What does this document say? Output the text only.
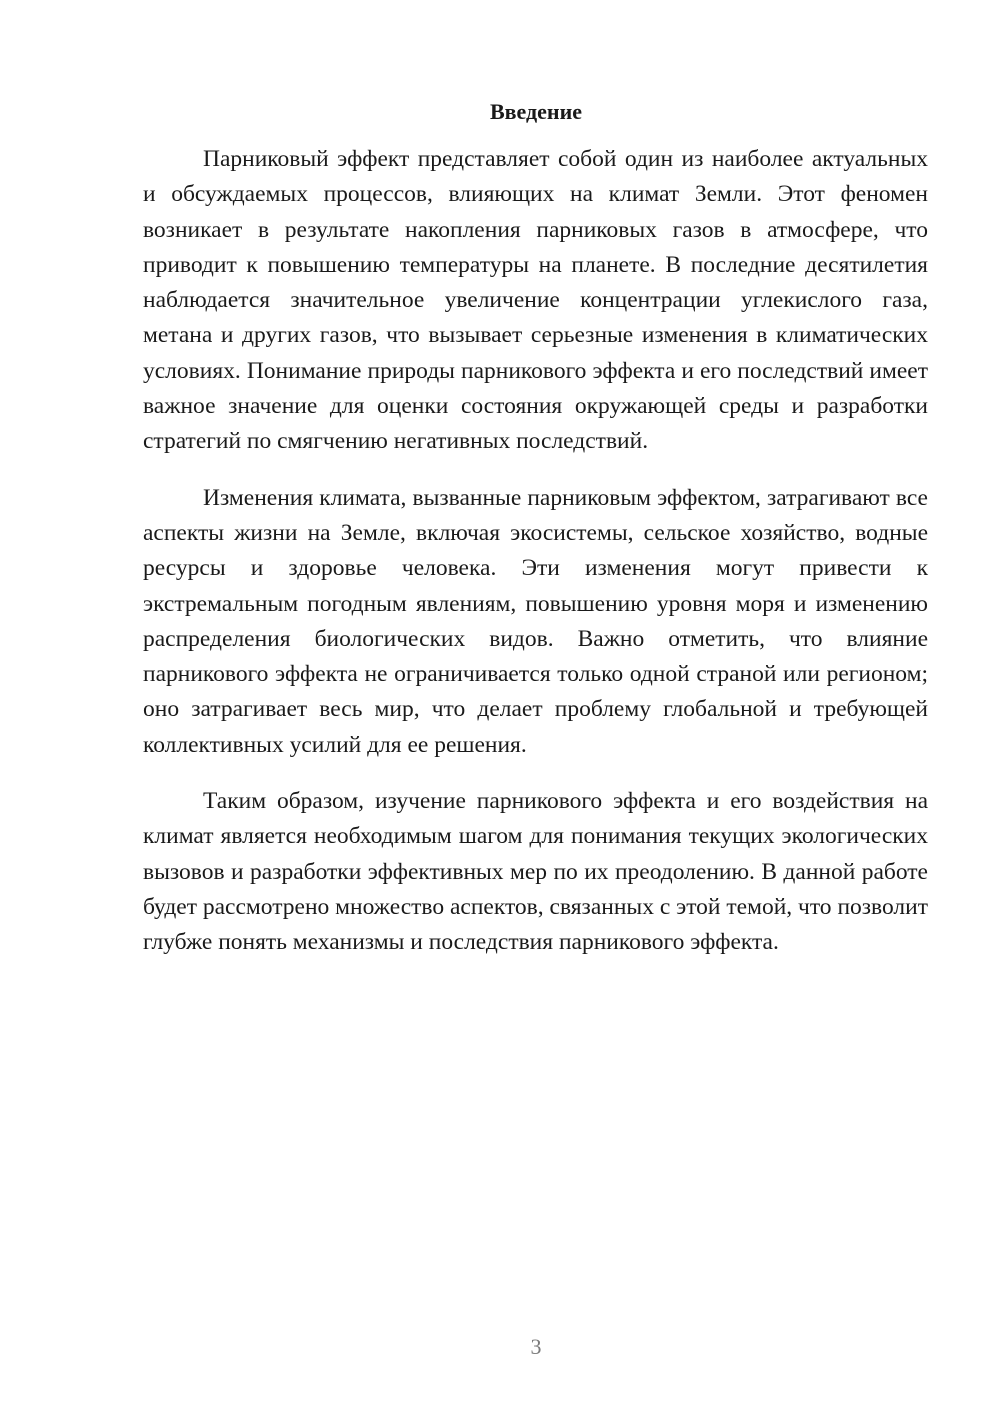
Введение

Парниковый эффект представляет собой один из наиболее актуальных и обсуждаемых процессов, влияющих на климат Земли. Этот феномен возникает в результате накопления парниковых газов в атмосфере, что приводит к повышению температуры на планете. В последние десятилетия наблюдается значительное увеличение концентрации углекислого газа, метана и других газов, что вызывает серьезные изменения в климатических условиях. Понимание природы парникового эффекта и его последствий имеет важное значение для оценки состояния окружающей среды и разработки стратегий по смягчению негативных последствий.

Изменения климата, вызванные парниковым эффектом, затрагивают все аспекты жизни на Земле, включая экосистемы, сельское хозяйство, водные ресурсы и здоровье человека. Эти изменения могут привести к экстремальным погодным явлениям, повышению уровня моря и изменению распределения биологических видов. Важно отметить, что влияние парникового эффекта не ограничивается только одной страной или регионом; оно затрагивает весь мир, что делает проблему глобальной и требующей коллективных усилий для ее решения.

Таким образом, изучение парникового эффекта и его воздействия на климат является необходимым шагом для понимания текущих экологических вызовов и разработки эффективных мер по их преодолению. В данной работе будет рассмотрено множество аспектов, связанных с этой темой, что позволит глубже понять механизмы и последствия парникового эффекта.

3
